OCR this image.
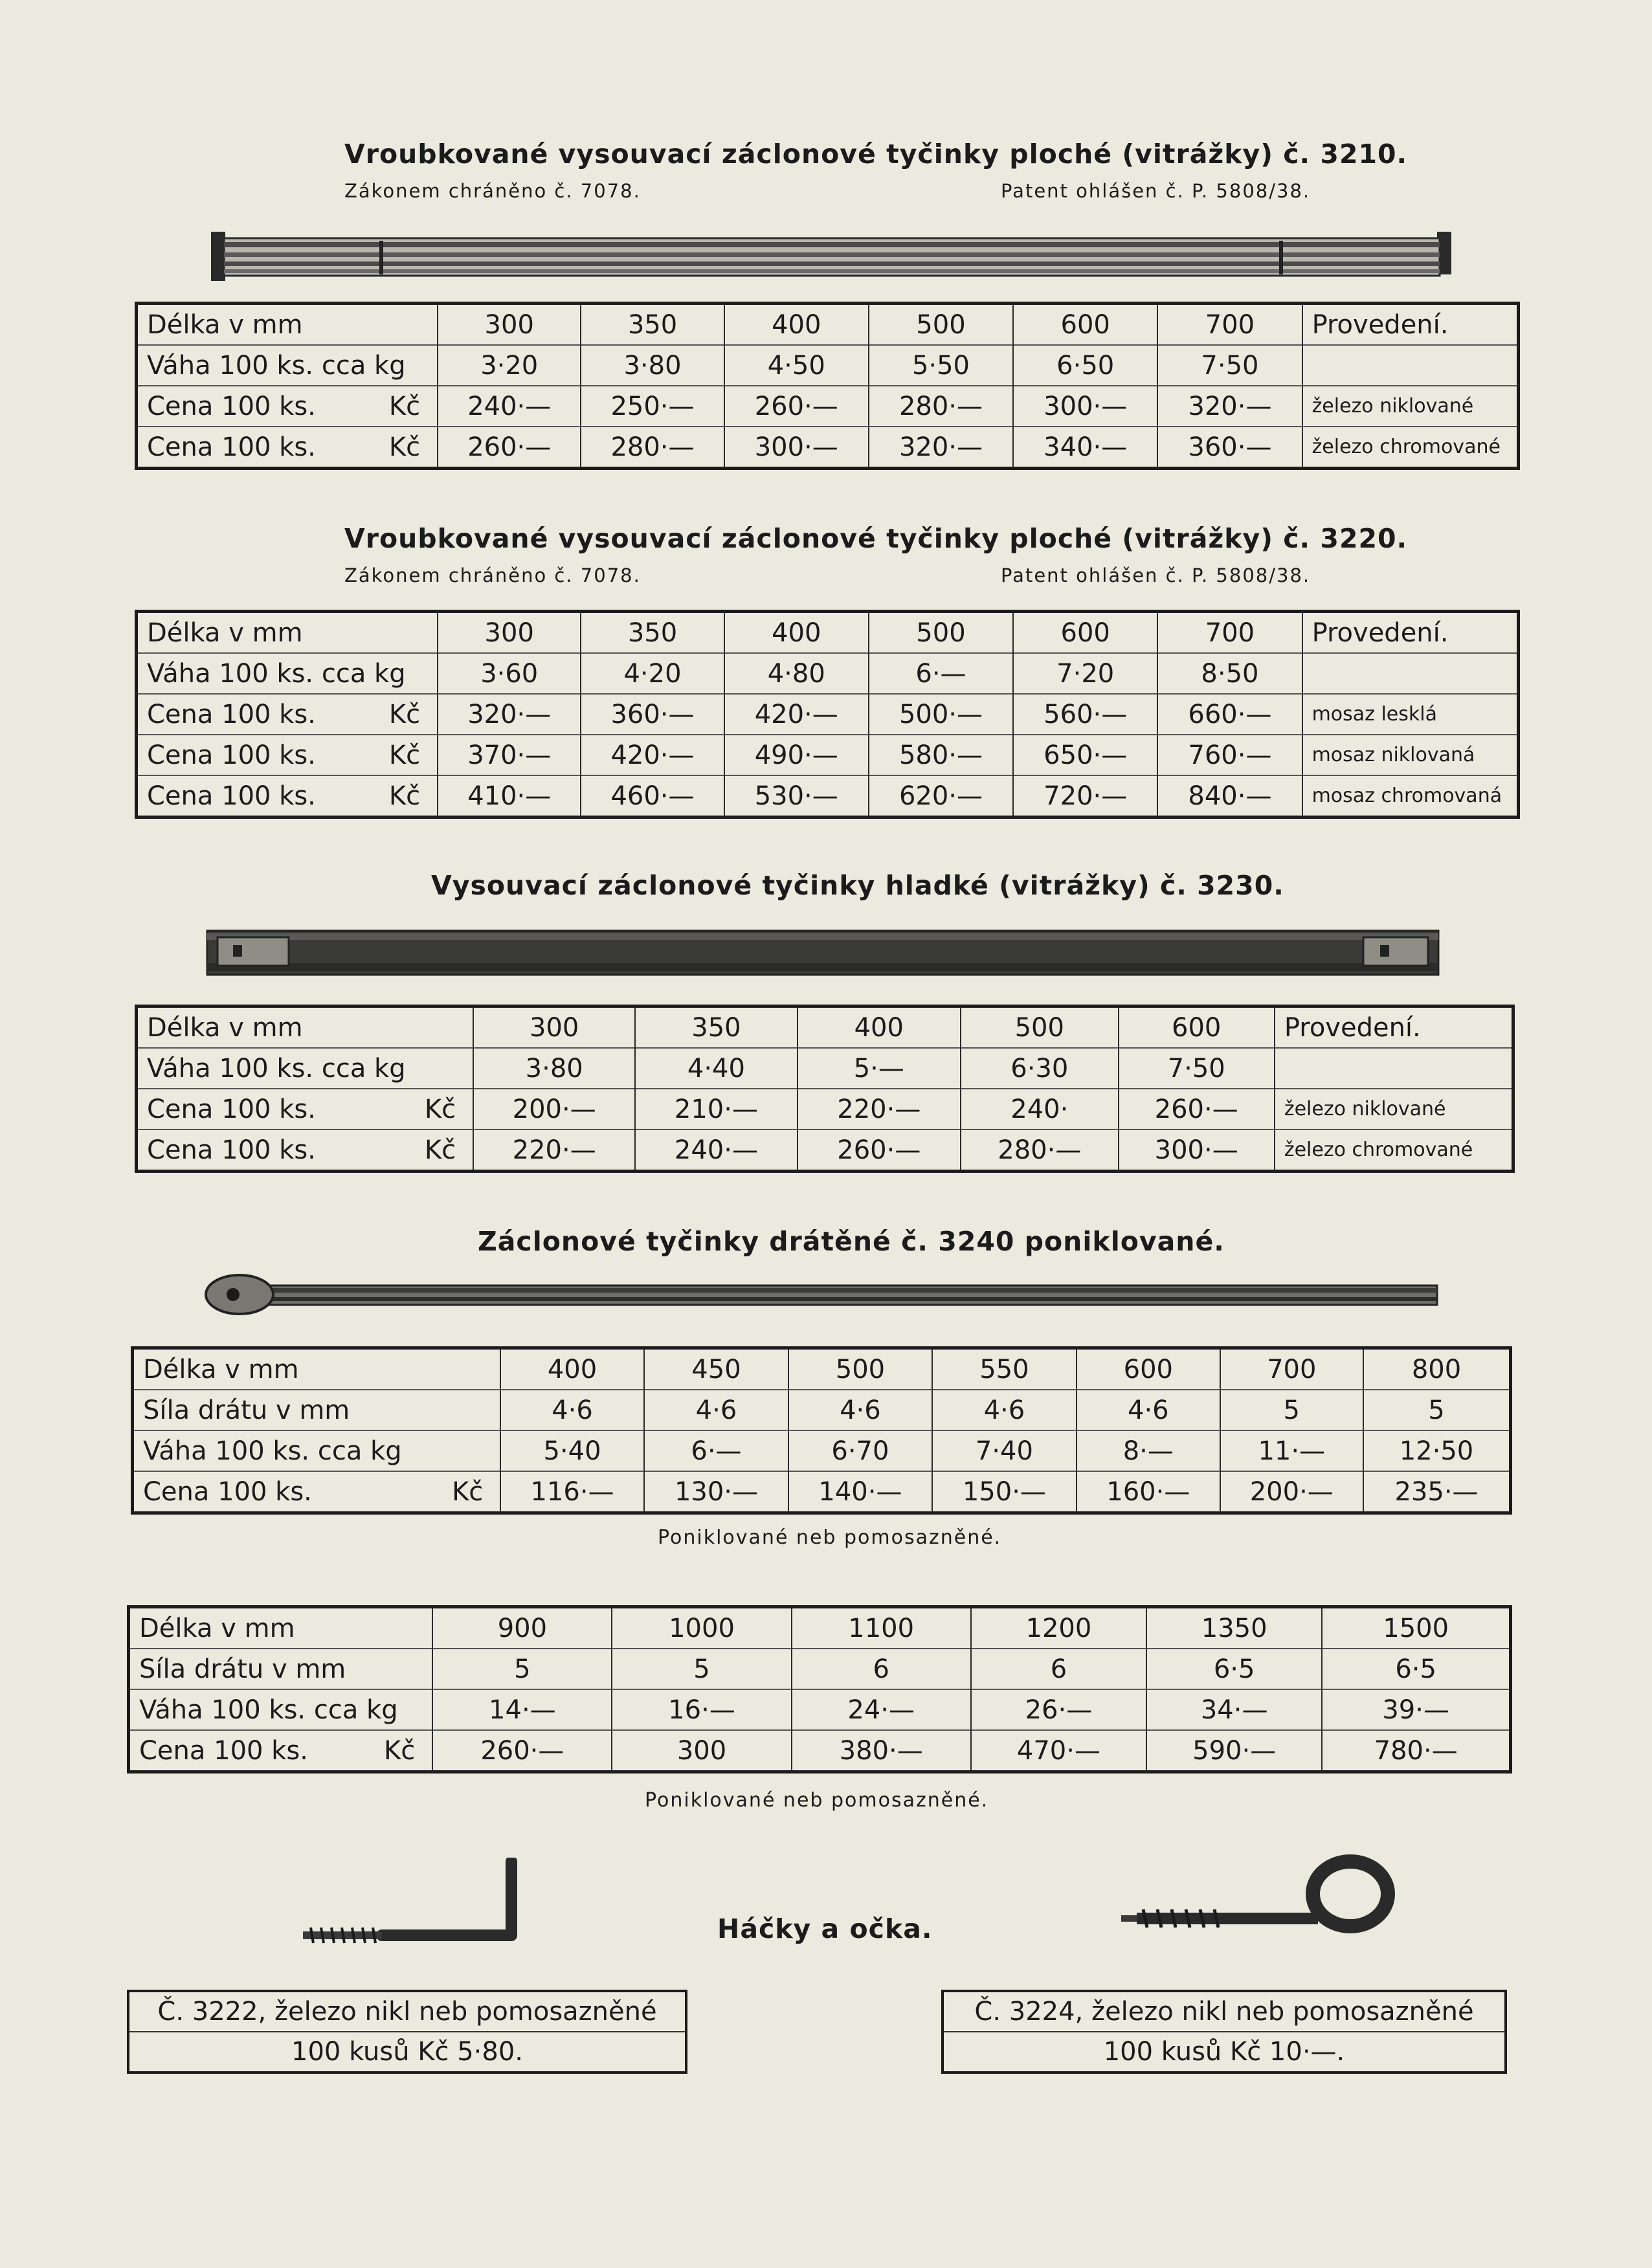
Vroubkované vysouvací záclonové tyčinky ploché (vitrážky) č. 3210.
Zákonem chráněno č. 7078.	Patent ohlášen č. P. 5808/38.
Délka v mm	300	350	400	500	600	700	Provedení.
Váha 100 ks. cca kg	3·20	3·80	4·50	5·50	6·50	7·50	
Cena 100 ks. Kč	240·—	250·—	260·—	280·—	300·—	320·—	železo niklované
Cena 100 ks. Kč	260·—	280·—	300·—	320·—	340·—	360·—	železo chromované
Vroubkované vysouvací záclonové tyčinky ploché (vitrážky) č. 3220.
Zákonem chráněno č. 7078.	Patent ohlášen č. P. 5808/38.
Délka v mm	300	350	400	500	600	700	Provedení.
Váha 100 ks. cca kg	3·60	4·20	4·80	6·—	7·20	8·50	
Cena 100 ks. Kč	320·—	360·—	420·—	500·—	560·—	660·—	mosaz lesklá
Cena 100 ks. Kč	370·—	420·—	490·—	580·—	650·—	760·—	mosaz niklovaná
Cena 100 ks. Kč	410·—	460·—	530·—	620·—	720·—	840·—	mosaz chromovaná
Vysouvací záclonové tyčinky hladké (vitrážky) č. 3230.
Délka v mm	300	350	400	500	600	Provedení.
Váha 100 ks. cca kg	3·80	4·40	5·—	6·30	7·50	
Cena 100 ks. Kč	200·—	210·—	220·—	240·	260·—	železo niklované
Cena 100 ks. Kč	220·—	240·—	260·—	280·—	300·—	železo chromované
Záclonové tyčinky drátěné č. 3240 poniklované.
Délka v mm	400	450	500	550	600	700	800
Síla drátu v mm	4·6	4·6	4·6	4·6	4·6	5	5
Váha 100 ks. cca kg	5·40	6·—	6·70	7·40	8·—	11·—	12·50
Cena 100 ks. Kč	116·—	130·—	140·—	150·—	160·—	200·—	235·—
Poniklované neb pomosazněné.
Délka v mm	900	1000	1100	1200	1350	1500
Síla drátu v mm	5	5	6	6	6·5	6·5
Váha 100 ks. cca kg	14·—	16·—	24·—	26·—	34·—	39·—
Cena 100 ks. Kč	260·—	300	380·—	470·—	590·—	780·—
Poniklované neb pomosazněné.
Háčky a očka.
Č. 3222, železo nikl neb pomosazněné
100 kusů Kč 5·80.
Č. 3224, železo nikl neb pomosazněné
100 kusů Kč 10·—.
